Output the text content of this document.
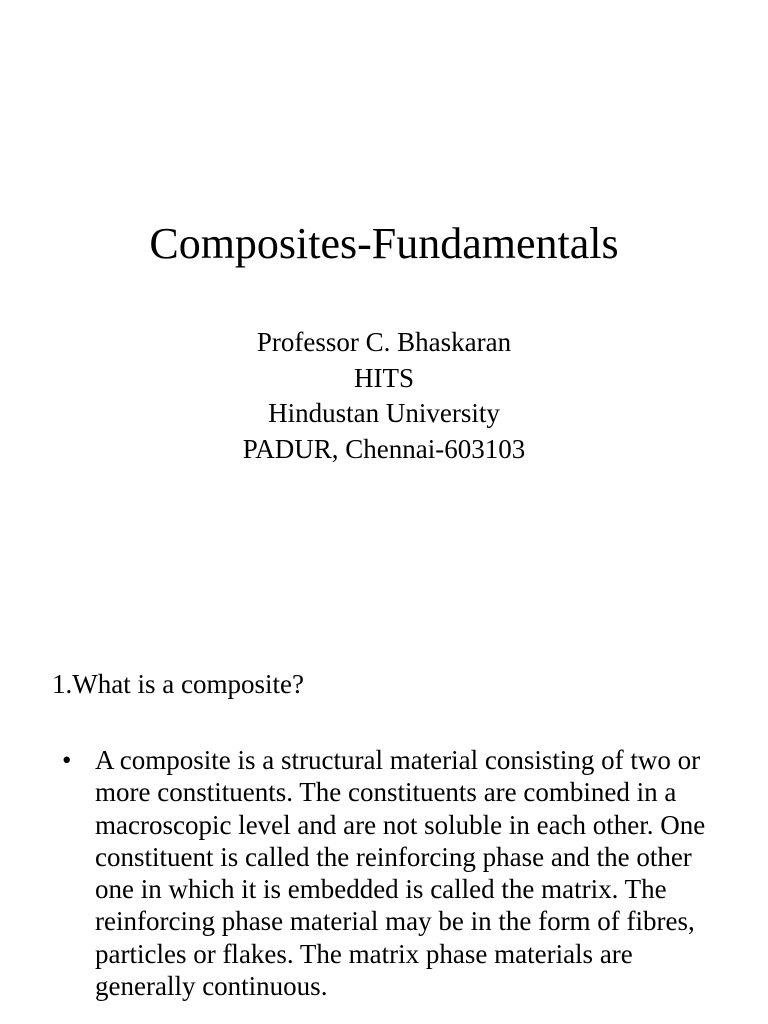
Composites-Fundamentals
Professor C. Bhaskaran
HITS
Hindustan University
PADUR, Chennai-603103
1.What is a composite?
• A composite is a structural material consisting of two or more constituents. The constituents are combined in a macroscopic level and are not soluble in each other. One constituent is called the reinforcing phase and the other one in which it is embedded is called the matrix. The reinforcing phase material may be in the form of fibres, particles or flakes. The matrix phase materials are generally continuous.
